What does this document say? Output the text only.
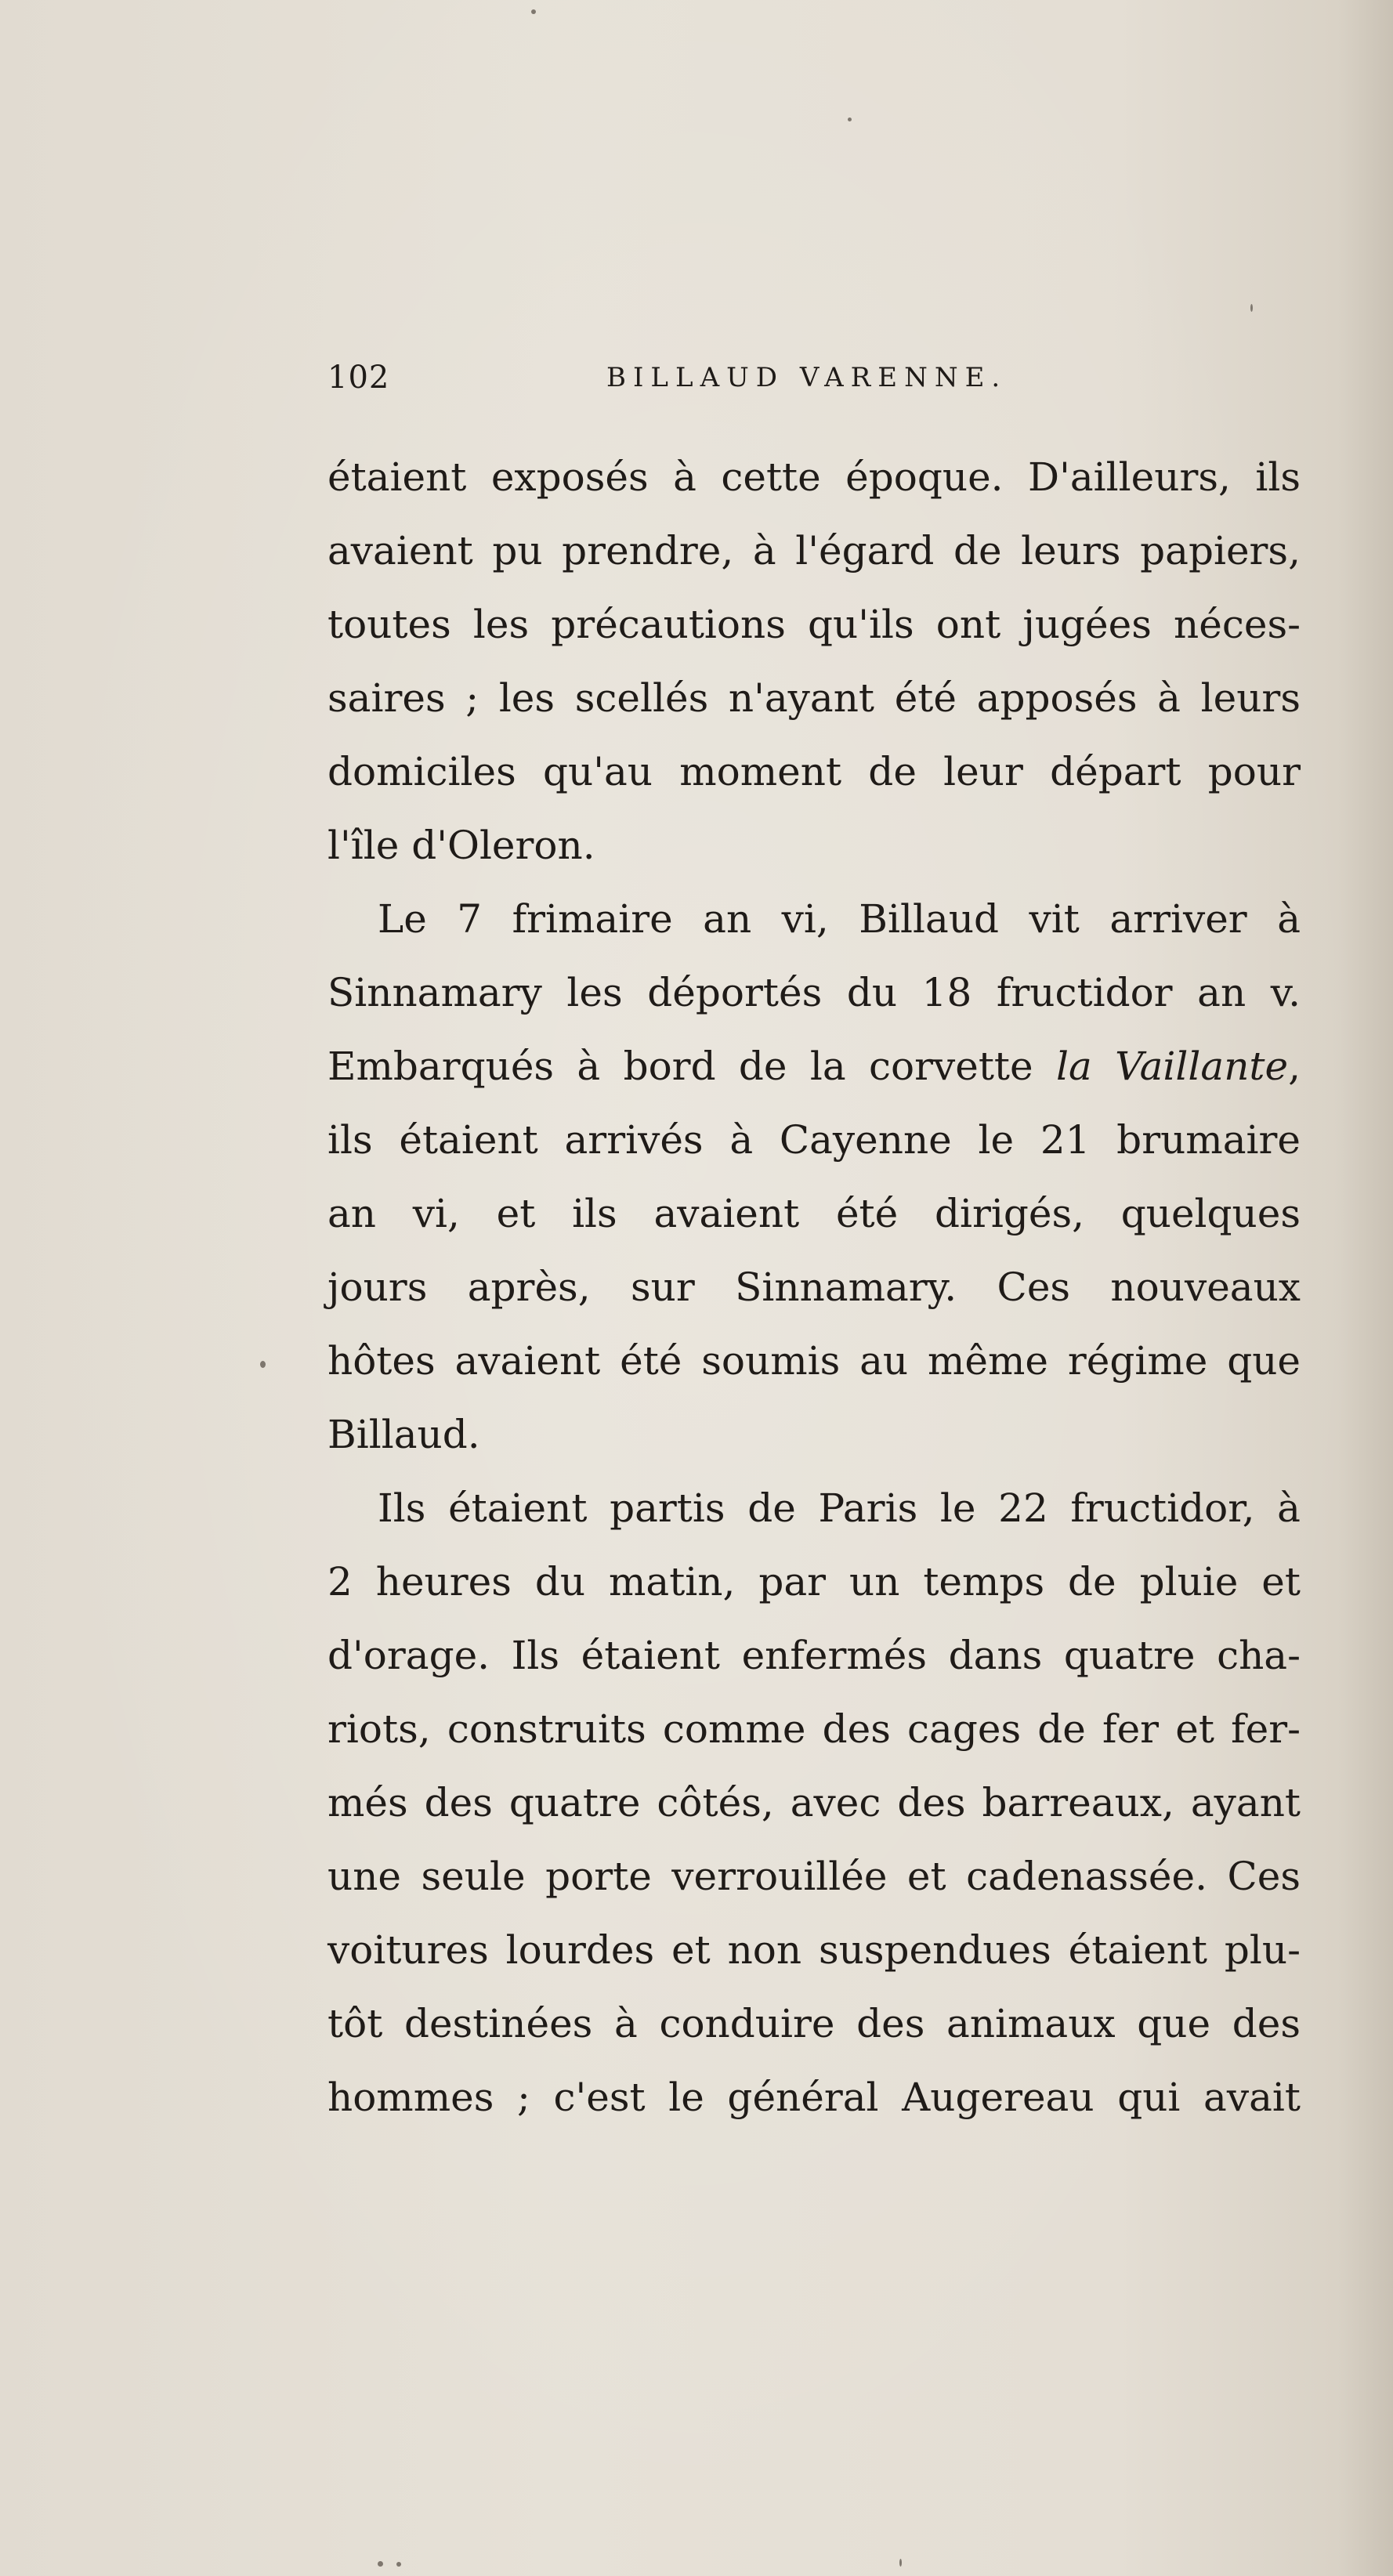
102	BILLAUD VARENNE.
étaient exposés à cette époque. D'ailleurs, ils
avaient pu prendre, à l'égard de leurs papiers,
toutes les précautions qu'ils ont jugées néces-
saires ; les scellés n'ayant été apposés à leurs
domiciles qu'au moment de leur départ pour
l'île d'Oleron.
Le 7 frimaire an vi, Billaud vit arriver à
Sinnamary les déportés du 18 fructidor an v.
Embarqués à bord de la corvette la Vaillante,
ils étaient arrivés à Cayenne le 21 brumaire
an vi, et ils avaient été dirigés, quelques
jours après, sur Sinnamary. Ces nouveaux
hôtes avaient été soumis au même régime que
Billaud.
Ils étaient partis de Paris le 22 fructidor, à
2 heures du matin, par un temps de pluie et
d'orage. Ils étaient enfermés dans quatre cha-
riots, construits comme des cages de fer et fer-
més des quatre côtés, avec des barreaux, ayant
une seule porte verrouillée et cadenassée. Ces
voitures lourdes et non suspendues étaient plu-
tôt destinées à conduire des animaux que des
hommes ; c'est le général Augereau qui avait
